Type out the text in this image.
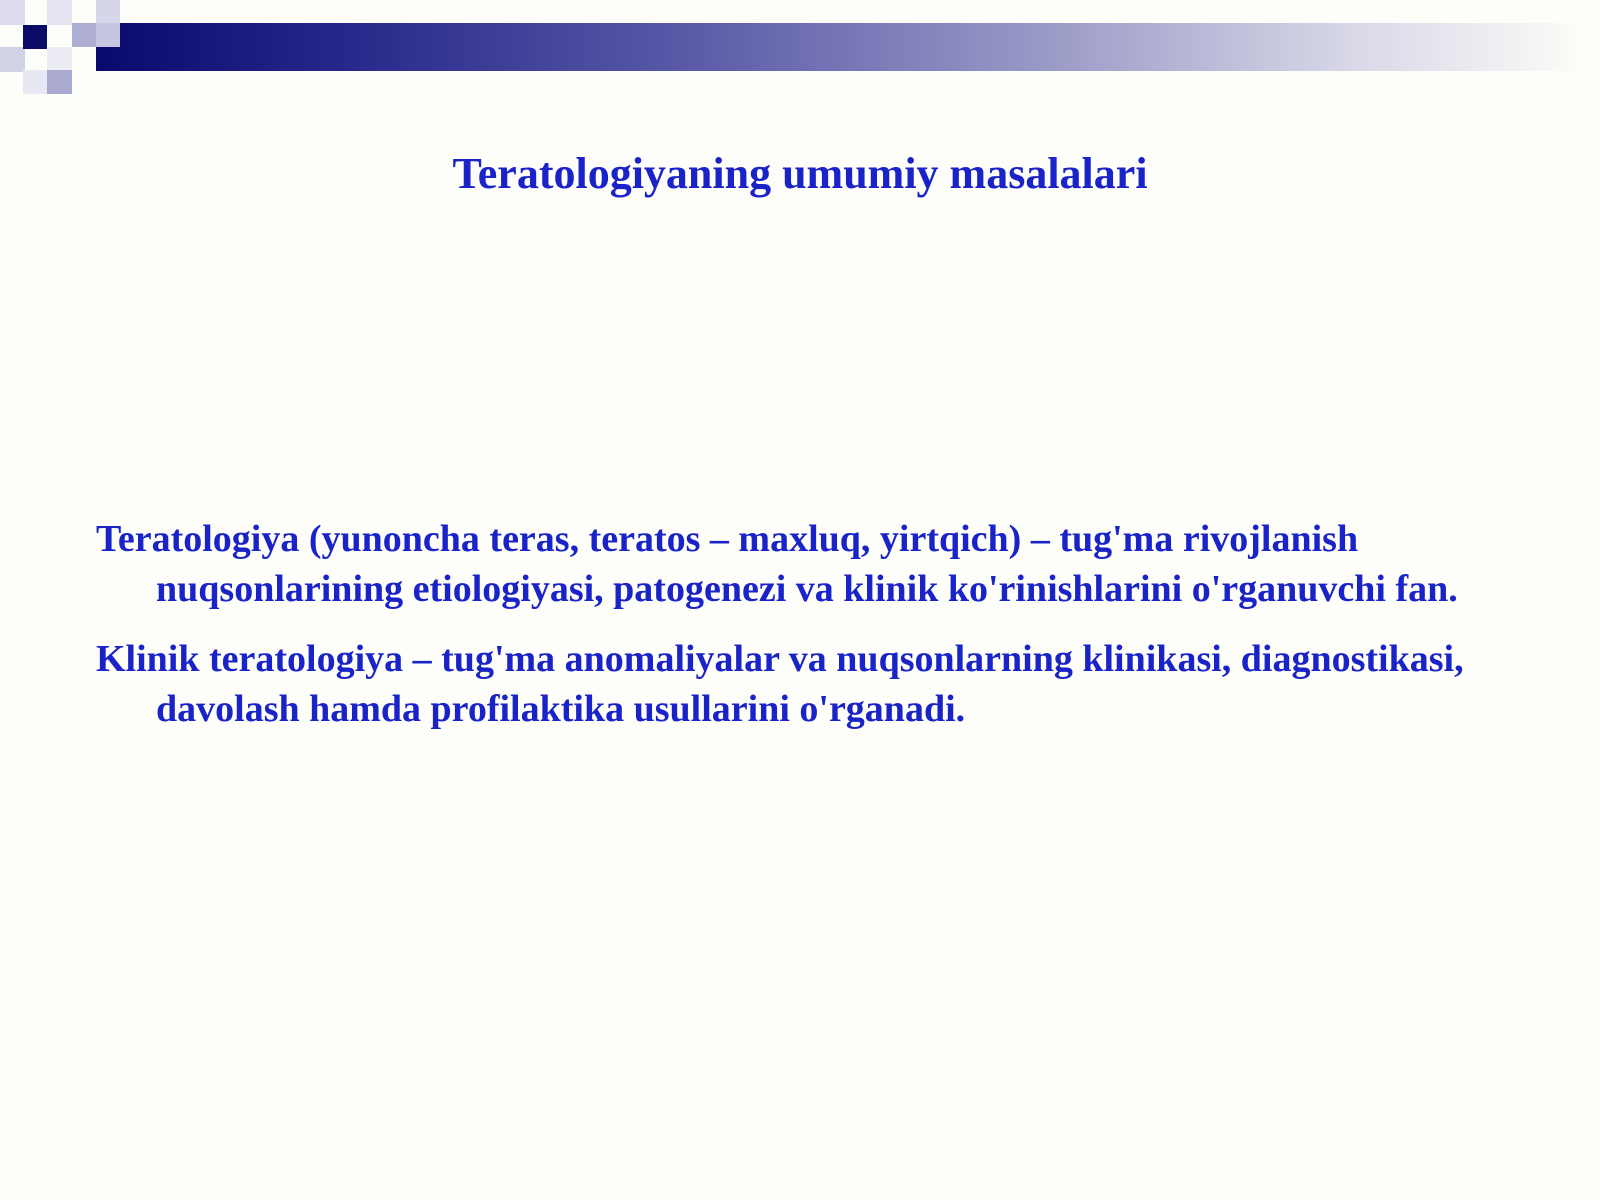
Teratologiyaning umumiy masalalari

Teratologiya (yunoncha teras, teratos – maxluq, yirtqich) – tug'ma rivojlanish nuqsonlarining etiologiyasi, patogenezi va klinik ko'rinishlarini o'rganuvchi fan.

Klinik teratologiya – tug'ma anomaliyalar va nuqsonlarning klinikasi, diagnostikasi, davolash hamda profilaktika usullarini o'rganadi.
